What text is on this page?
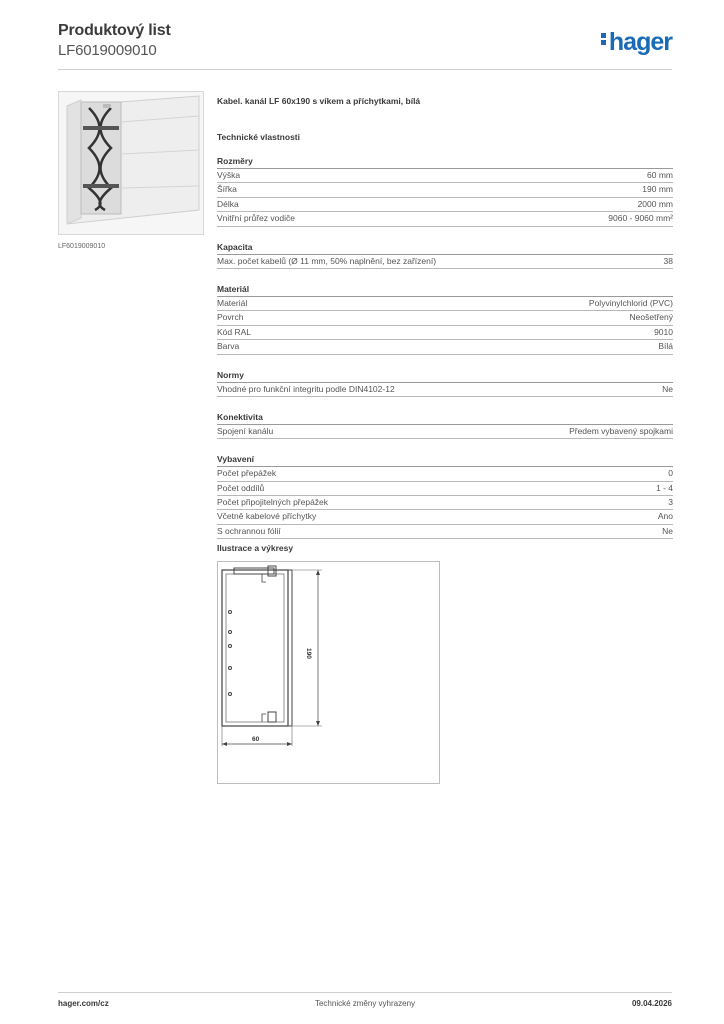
Produktový list
LF6019009010	hager
LF6019009010
Kabel. kanál LF 60x190 s víkem a příchytkami, bílá
Technické vlastnosti
Rozměry
Výška	60 mm
Šířka	190 mm
Délka	2000 mm
Vnitřní průřez vodiče	9060 - 9060 mm²
Kapacita
Max. počet kabelů (Ø 11 mm, 50% naplnění, bez zařízení)	38
Materiál
Materiál	Polyvinylchlorid (PVC)
Povrch	Neošetřený
Kód RAL	9010
Barva	Bílá
Normy
Vhodné pro funkční integritu podle DIN4102-12	Ne
Konektivita
Spojení kanálu	Předem vybavený spojkami
Vybavení
Počet přepážek	0
Počet oddílů	1 - 4
Počet připojitelných přepážek	3
Včetně kabelové příchytky	Ano
S ochrannou fólií	Ne
Ilustrace a výkresy
190
60
hager.com/cz	Technické změny vyhrazeny	09.04.2026
